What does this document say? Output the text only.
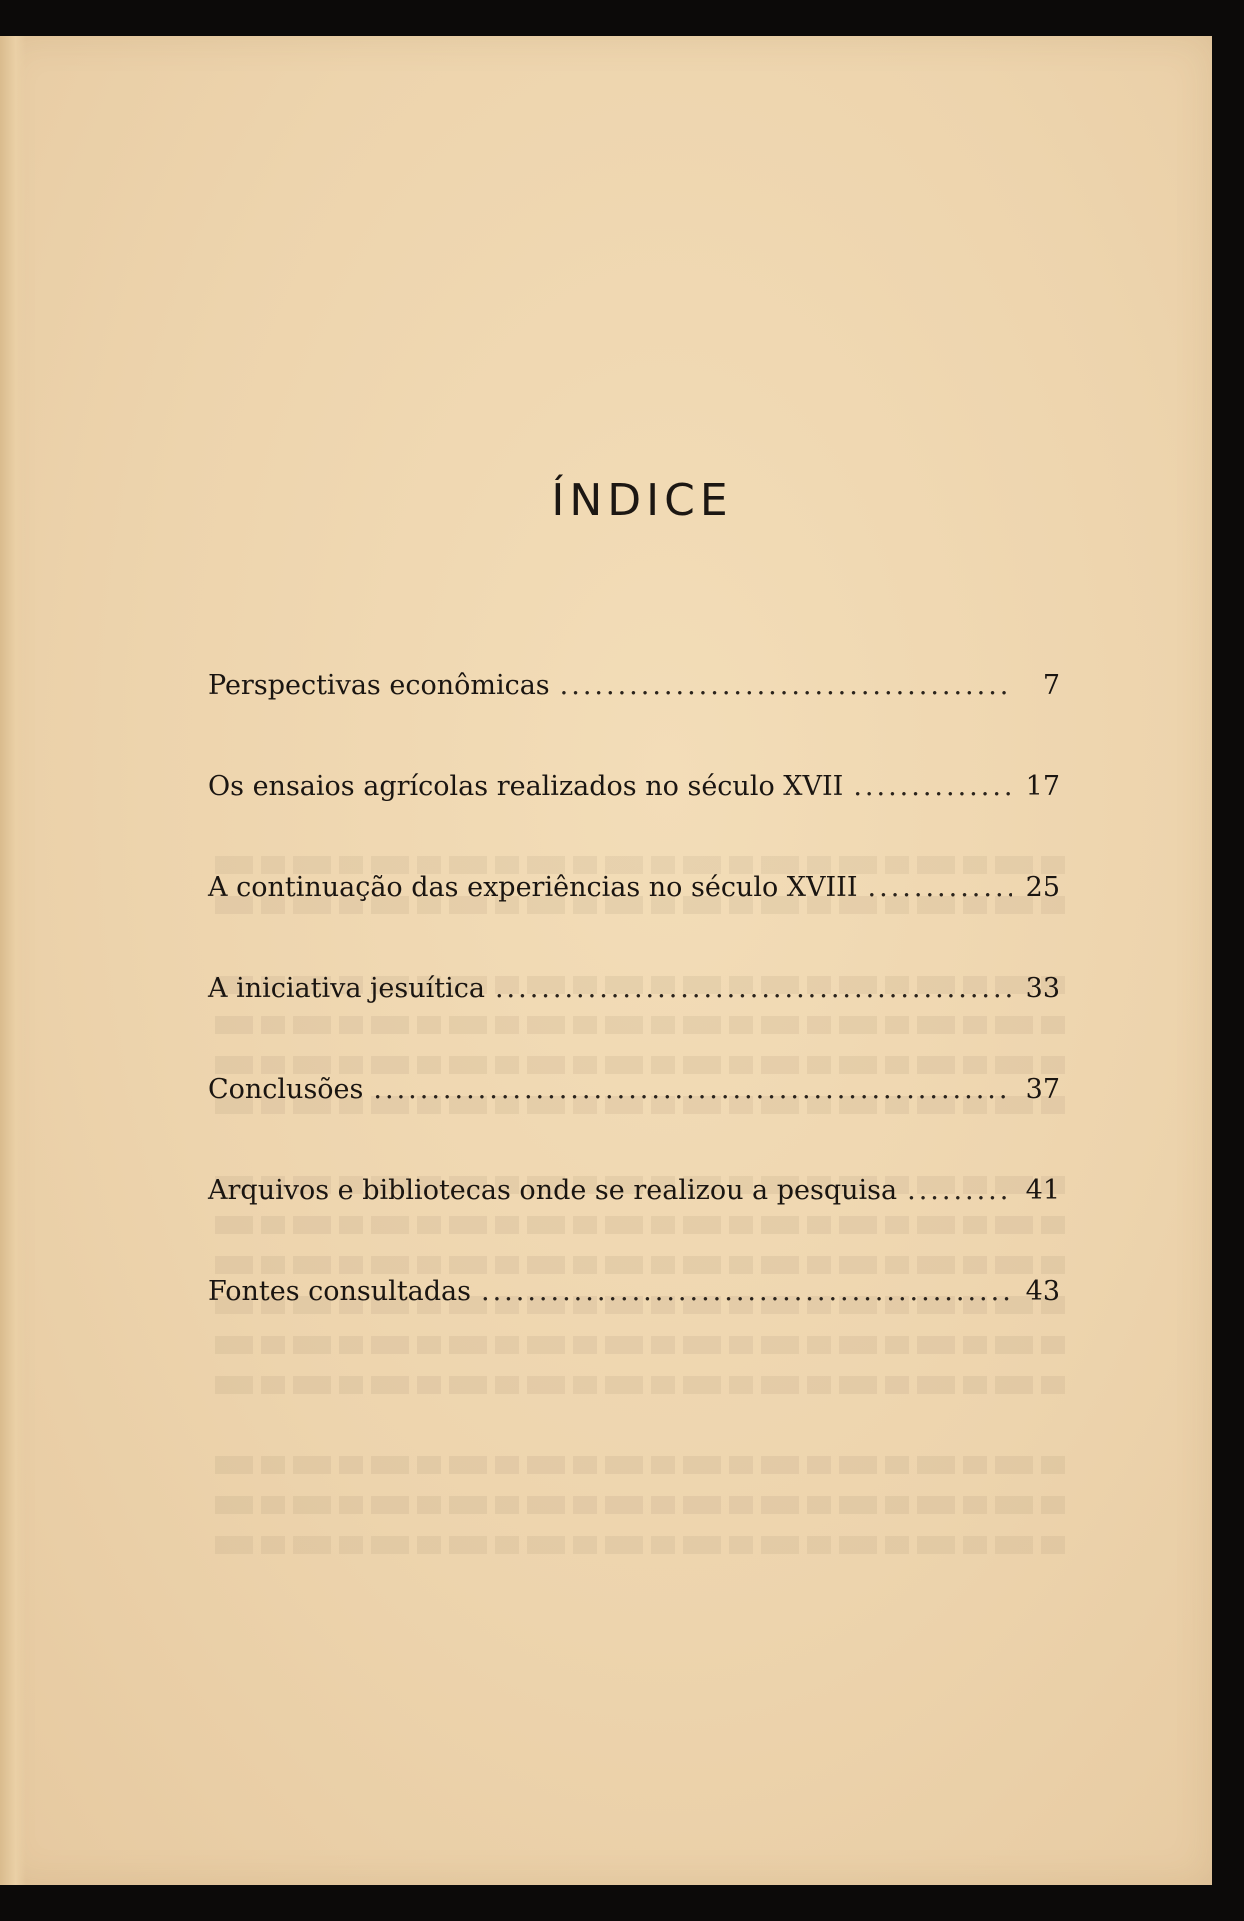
ÍNDICE
Perspectivas econômicas .....	7
Os ensaios agrícolas realizados no século XVII .....	17
A continuação das experiências no século XVIII .....	25
A iniciativa jesuítica .....	33
Conclusões .....	37
Arquivos e bibliotecas onde se realizou a pesquisa .....	41
Fontes consultadas .....	43
